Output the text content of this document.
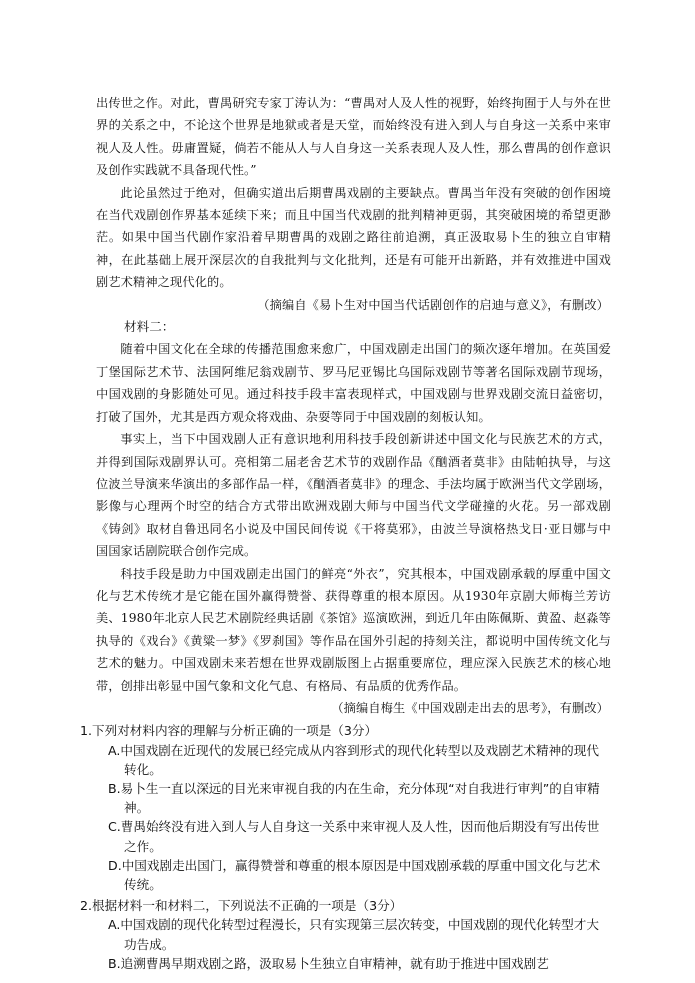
出传世之作。对此，曹禺研究专家丁涛认为：“曹禺对人及人性的视野，始终拘囿于人与外在世界的关系之中，不论这个世界是地狱或者是天堂，而始终没有进入到人与自身这一关系中来审视人及人性。毋庸置疑，倘若不能从人与人自身这一关系表现人及人性，那么曹禺的创作意识及创作实践就不具备现代性。”

此论虽然过于绝对，但确实道出后期曹禺戏剧的主要缺点。曹禺当年没有突破的创作困境在当代戏剧创作界基本延续下来；而且中国当代戏剧的批判精神更弱，其突破困境的希望更渺茫。如果中国当代剧作家沿着早期曹禺的戏剧之路往前追溯，真正汲取易卜生的独立自审精神，在此基础上展开深层次的自我批判与文化批判，还是有可能开出新路，并有效推进中国戏剧艺术精神之现代化的。

（摘编自《易卜生对中国当代话剧创作的启迪与意义》，有删改）
材料二：

随着中国文化在全球的传播范围愈来愈广，中国戏剧走出国门的频次逐年增加。在英国爱丁堡国际艺术节、法国阿维尼翁戏剧节、罗马尼亚锡比乌国际戏剧节等著名国际戏剧节现场，中国戏剧的身影随处可见。通过科技手段丰富表现样式，中国戏剧与世界戏剧交流日益密切，打破了国外，尤其是西方观众将戏曲、杂耍等同于中国戏剧的刻板认知。

事实上，当下中国戏剧人正有意识地利用科技手段创新讲述中国文化与民族艺术的方式，并得到国际戏剧界认可。亮相第二届老舍艺术节的戏剧作品《酗酒者莫非》由陆帕执导，与这位波兰导演来华演出的多部作品一样，《酗酒者莫非》的理念、手法均属于欧洲当代文学剧场，影像与心理两个时空的结合方式带出欧洲戏剧大师与中国当代文学碰撞的火花。另一部戏剧《铸剑》取材自鲁迅同名小说及中国民间传说《干将莫邪》，由波兰导演格热戈日·亚日娜与中国国家话剧院联合创作完成。

科技手段是助力中国戏剧走出国门的鲜亮“外衣”，究其根本，中国戏剧承载的厚重中国文化与艺术传统才是它能在国外赢得赞誉、获得尊重的根本原因。从1930年京剧大师梅兰芳访美、1980年北京人民艺术剧院经典话剧《茶馆》巡演欧洲，到近几年由陈佩斯、黄盈、赵淼等执导的《戏台》《黄粱一梦》《罗刹国》等作品在国外引起的持刻关注，都说明中国传统文化与艺术的魅力。中国戏剧未来若想在世界戏剧版图上占据重要席位，理应深入民族艺术的核心地带，创排出彰显中国气象和文化气息、有格局、有品质的优秀作品。

（摘编自梅生《中国戏剧走出去的思考》，有删改）
1.下列对材料内容的理解与分析正确的一项是（3分）

A.中国戏剧在近现代的发展已经完成从内容到形式的现代化转型以及戏剧艺术精神的现代转化。

B.易卜生一直以深远的目光来审视自我的内在生命，充分体现“对自我进行审判”的自审精神。

C.曹禺始终没有进入到人与人自身这一关系中来审视人及人性，因而他后期没有写出传世之作。

D.中国戏剧走出国门，赢得赞誉和尊重的根本原因是中国戏剧承载的厚重中国文化与艺术传统。

2.根据材料一和材料二，下列说法不正确的一项是（3分）

A.中国戏剧的现代化转型过程漫长，只有实现第三层次转变，中国戏剧的现代化转型才大功告成。

B.追溯曹禺早期戏剧之路，汲取易卜生独立自审精神，就有助于推进中国戏剧艺
